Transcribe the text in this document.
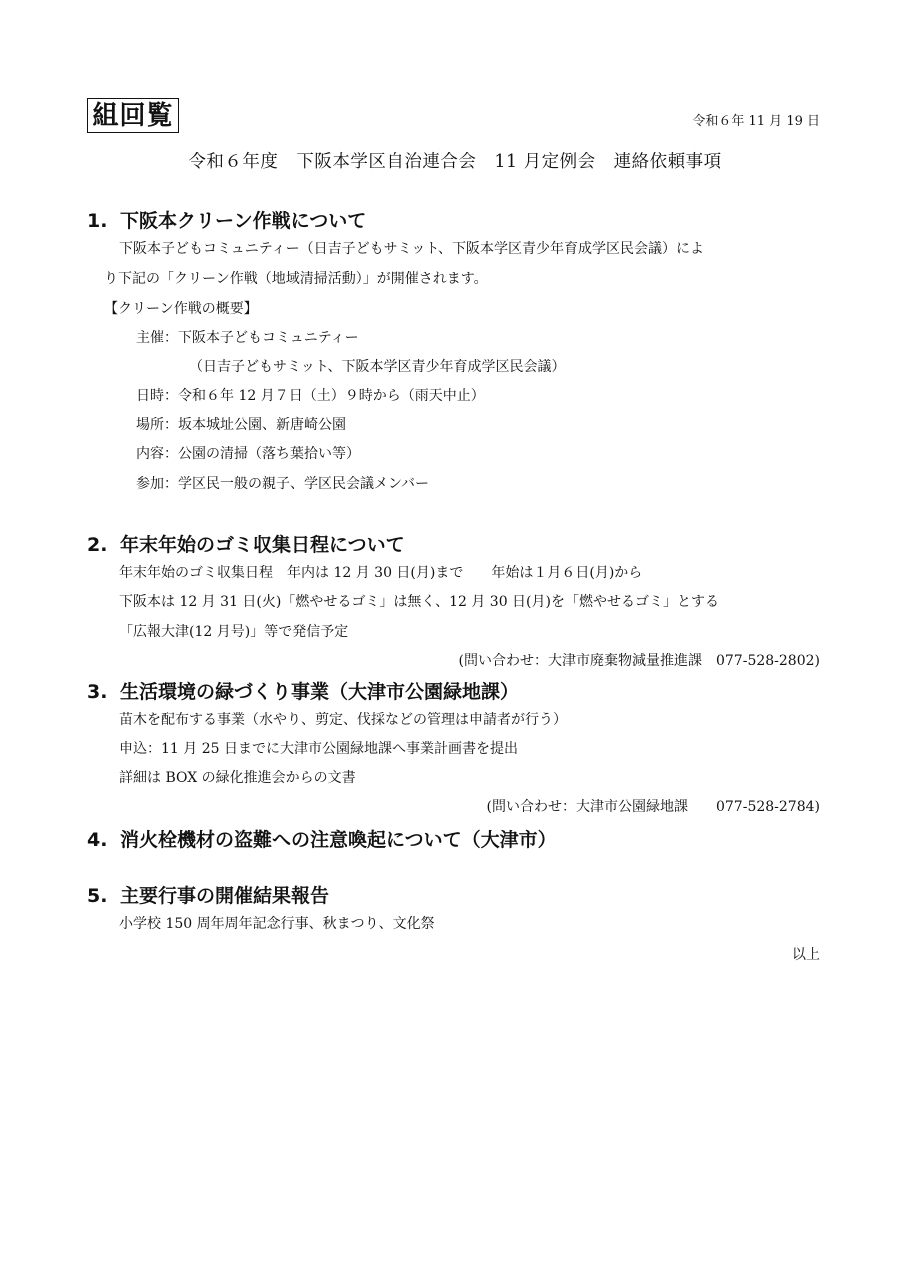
組回覧	令和６年 11 月 19 日
令和６年度　下阪本学区自治連合会　11 月定例会　連絡依頼事項
1. 下阪本クリーン作戦について
下阪本子どもコミュニティー（日吉子どもサミット、下阪本学区青少年育成学区民会議）によ
り下記の「クリーン作戦（地域清掃活動）」が開催されます。
【クリーン作戦の概要】
主催：下阪本子どもコミュニティー
（日吉子どもサミット、下阪本学区青少年育成学区民会議）
日時：令和６年 12 月７日（土）９時から（雨天中止）
場所：坂本城址公園、新唐崎公園
内容：公園の清掃（落ち葉拾い等）
参加：学区民一般の親子、学区民会議メンバー
2. 年末年始のゴミ収集日程について
年末年始のゴミ収集日程　年内は 12 月 30 日(月)まで　　年始は１月６日(月)から
下阪本は 12 月 31 日(火)「燃やせるゴミ」は無く、12 月 30 日(月)を「燃やせるゴミ」とする
「広報大津(12 月号)」等で発信予定
(問い合わせ：大津市廃棄物減量推進課　077-528-2802)
3. 生活環境の緑づくり事業（大津市公園緑地課）
苗木を配布する事業（水やり、剪定、伐採などの管理は申請者が行う）
申込：11 月 25 日までに大津市公園緑地課へ事業計画書を提出
詳細は BOX の緑化推進会からの文書
(問い合わせ：大津市公園緑地課　　077-528-2784)
4. 消火栓機材の盗難への注意喚起について（大津市）
5. 主要行事の開催結果報告
小学校 150 周年周年記念行事、秋まつり、文化祭
以上
